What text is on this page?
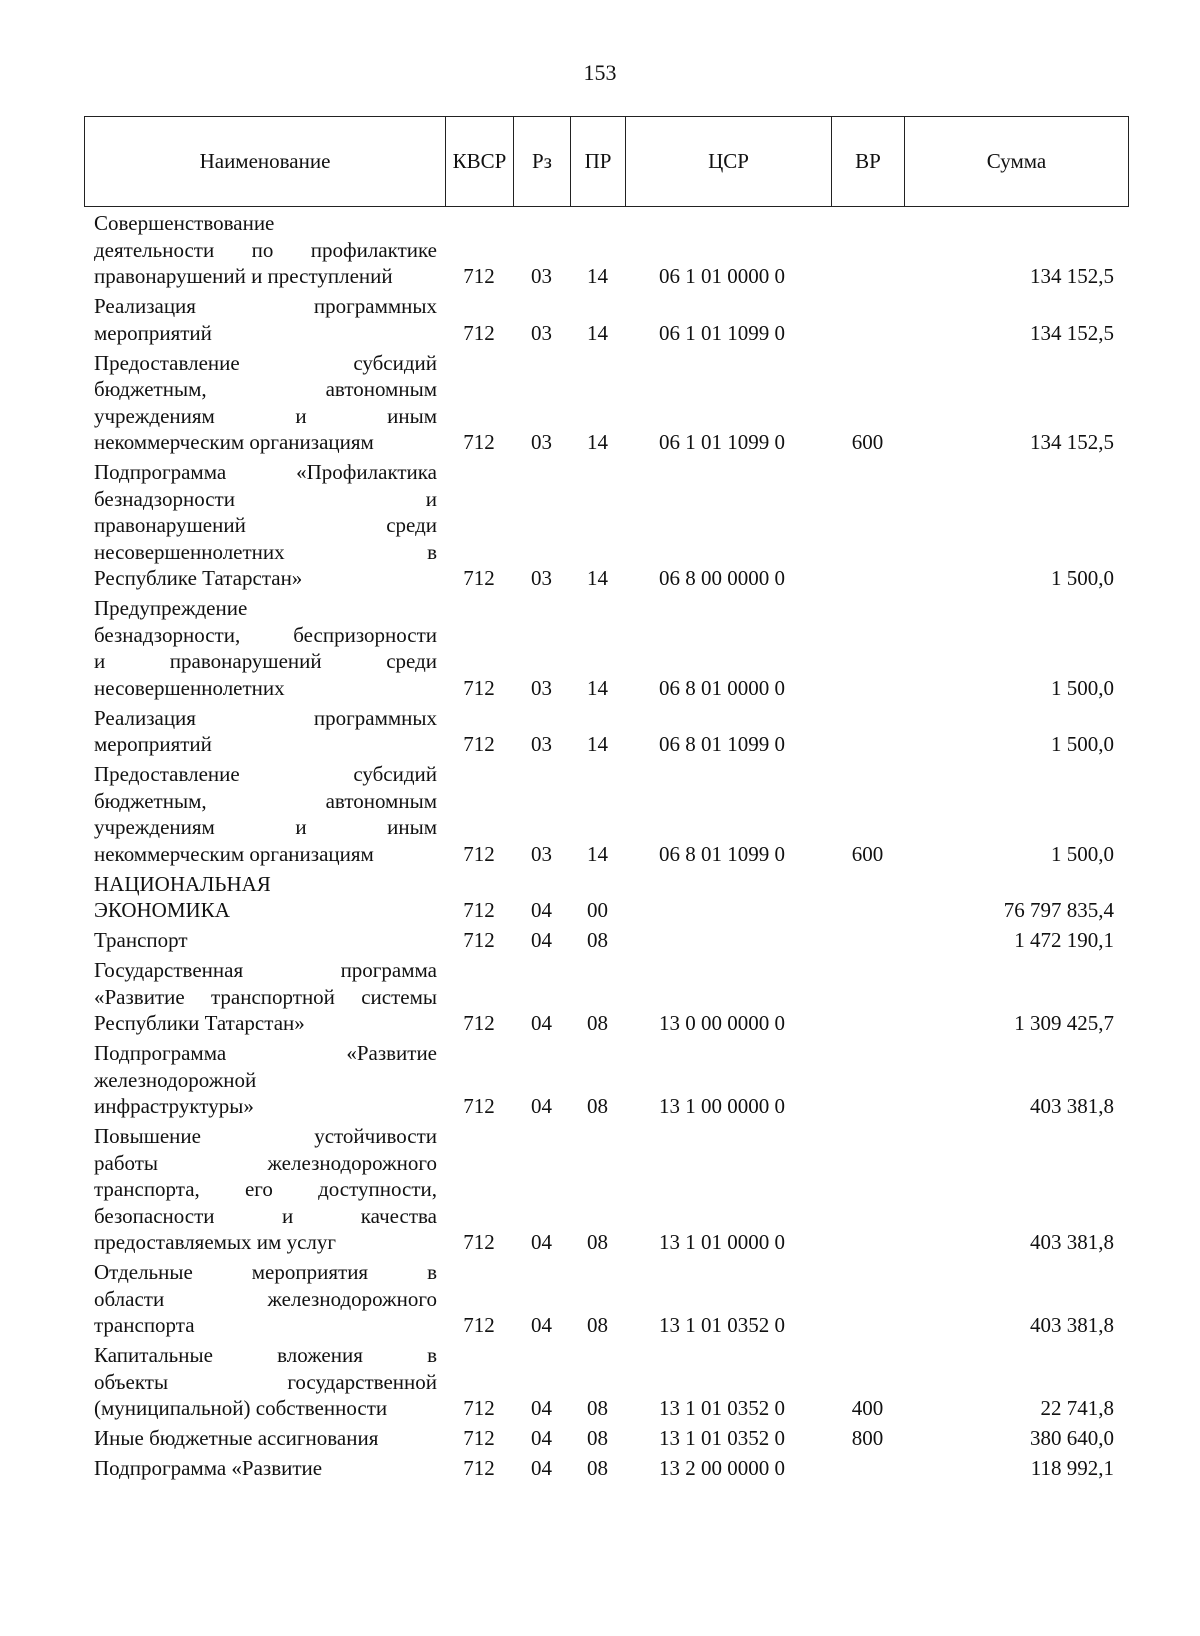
153
Наименование	КВСР	Рз	ПР	ЦСР	ВР	Сумма
Совершенствование
деятельности по профилактике
правонарушений и преступлений	712	03	14	06 1 01 0000 0		134 152,5

Реализация программных
мероприятий	712	03	14	06 1 01 1099 0		134 152,5

Предоставление субсидий
бюджетным, автономным
учреждениям и иным
некоммерческим организациям	712	03	14	06 1 01 1099 0	600	134 152,5

Подпрограмма «Профилактика
безнадзорности и
правонарушений среди
несовершеннолетних в
Республике Татарстан»	712	03	14	06 8 00 0000 0		1 500,0

Предупреждение
безнадзорности, беспризорности
и правонарушений среди
несовершеннолетних	712	03	14	06 8 01 0000 0		1 500,0

Реализация программных
мероприятий	712	03	14	06 8 01 1099 0		1 500,0

Предоставление субсидий
бюджетным, автономным
учреждениям и иным
некоммерческим организациям	712	03	14	06 8 01 1099 0	600	1 500,0

НАЦИОНАЛЬНАЯ
ЭКОНОМИКА	712	04	00			76 797 835,4

Транспорт	712	04	08			1 472 190,1

Государственная программа
«Развитие транспортной системы
Республики Татарстан»	712	04	08	13 0 00 0000 0		1 309 425,7

Подпрограмма «Развитие
железнодорожной
инфраструктуры»	712	04	08	13 1 00 0000 0		403 381,8

Повышение устойчивости
работы железнодорожного
транспорта, его доступности,
безопасности и качества
предоставляемых им услуг	712	04	08	13 1 01 0000 0		403 381,8

Отдельные мероприятия в
области железнодорожного
транспорта	712	04	08	13 1 01 0352 0		403 381,8

Капитальные вложения в
объекты государственной
(муниципальной) собственности	712	04	08	13 1 01 0352 0	400	22 741,8

Иные бюджетные ассигнования	712	04	08	13 1 01 0352 0	800	380 640,0

Подпрограмма «Развитие	712	04	08	13 2 00 0000 0		118 992,1
